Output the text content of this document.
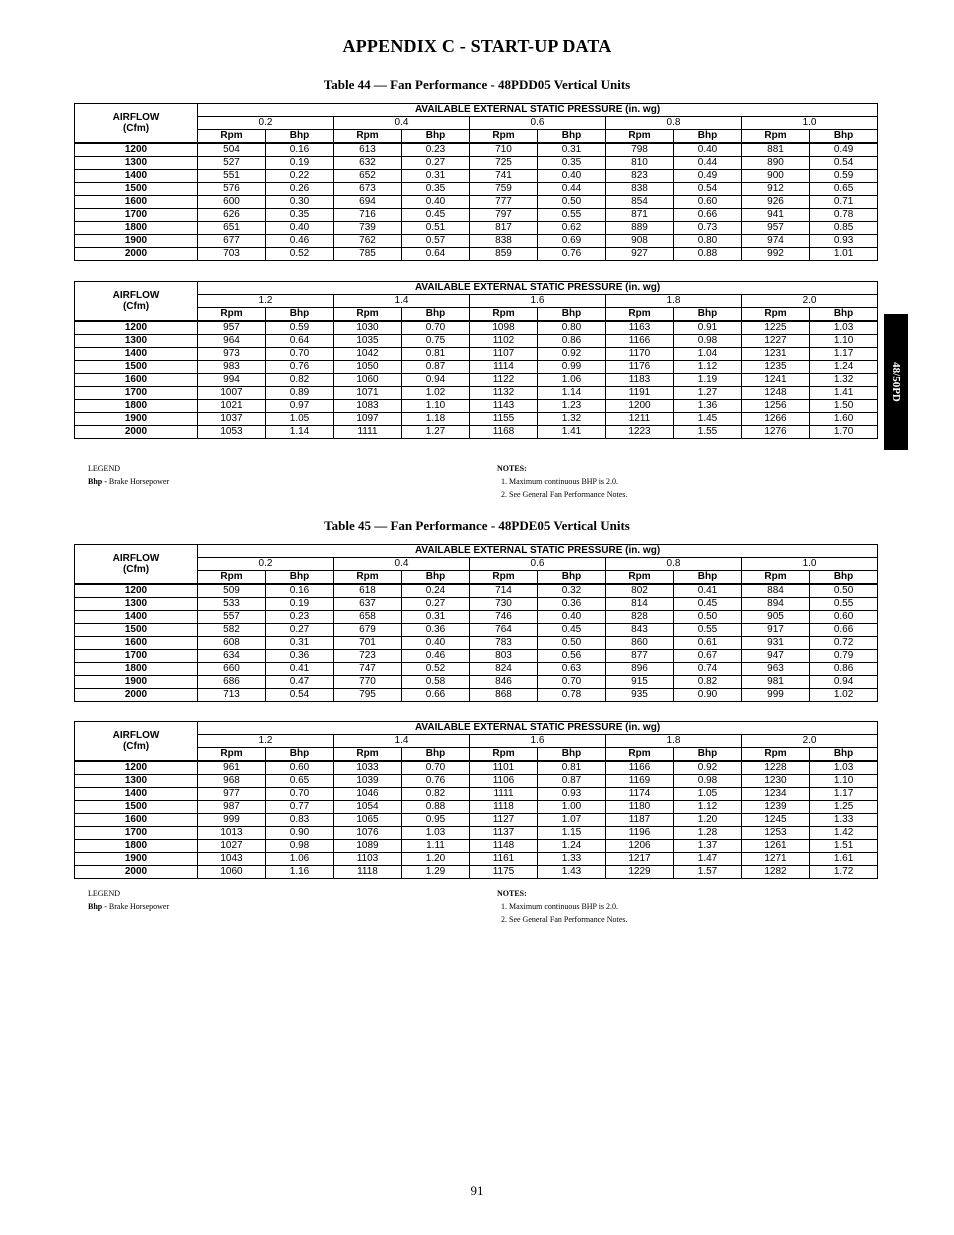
APPENDIX C - START-UP DATA
48/50PD
Table 44 — Fan Performance - 48PDD05 Vertical Units
AIRFLOW
(Cfm)	AVAILABLE EXTERNAL STATIC PRESSURE (in. wg)									
	0.2		0.4		0.6		0.8		1.0	
	Rpm	Bhp	Rpm	Bhp	Rpm	Bhp	Rpm	Bhp	Rpm	Bhp
1200	504	0.16	613	0.23	710	0.31	798	0.40	881	0.49
1300	527	0.19	632	0.27	725	0.35	810	0.44	890	0.54
1400	551	0.22	652	0.31	741	0.40	823	0.49	900	0.59
1500	576	0.26	673	0.35	759	0.44	838	0.54	912	0.65
1600	600	0.30	694	0.40	777	0.50	854	0.60	926	0.71
1700	626	0.35	716	0.45	797	0.55	871	0.66	941	0.78
1800	651	0.40	739	0.51	817	0.62	889	0.73	957	0.85
1900	677	0.46	762	0.57	838	0.69	908	0.80	974	0.93
2000	703	0.52	785	0.64	859	0.76	927	0.88	992	1.01
AIRFLOW
(Cfm)	AVAILABLE EXTERNAL STATIC PRESSURE (in. wg)									
	1.2		1.4		1.6		1.8		2.0	
	Rpm	Bhp	Rpm	Bhp	Rpm	Bhp	Rpm	Bhp	Rpm	Bhp
1200	957	0.59	1030	0.70	1098	0.80	1163	0.91	1225	1.03
1300	964	0.64	1035	0.75	1102	0.86	1166	0.98	1227	1.10
1400	973	0.70	1042	0.81	1107	0.92	1170	1.04	1231	1.17
1500	983	0.76	1050	0.87	1114	0.99	1176	1.12	1235	1.24
1600	994	0.82	1060	0.94	1122	1.06	1183	1.19	1241	1.32
1700	1007	0.89	1071	1.02	1132	1.14	1191	1.27	1248	1.41
1800	1021	0.97	1083	1.10	1143	1.23	1200	1.36	1256	1.50
1900	1037	1.05	1097	1.18	1155	1.32	1211	1.45	1266	1.60
2000	1053	1.14	1111	1.27	1168	1.41	1223	1.55	1276	1.70
LEGEND
Bhp - Brake Horsepower
NOTES:
1. Maximum continuous BHP is 2.0.
2. See General Fan Performance Notes.
Table 45 — Fan Performance - 48PDE05 Vertical Units
AIRFLOW
(Cfm)	AVAILABLE EXTERNAL STATIC PRESSURE (in. wg)									
	0.2		0.4		0.6		0.8		1.0	
	Rpm	Bhp	Rpm	Bhp	Rpm	Bhp	Rpm	Bhp	Rpm	Bhp
1200	509	0.16	618	0.24	714	0.32	802	0.41	884	0.50
1300	533	0.19	637	0.27	730	0.36	814	0.45	894	0.55
1400	557	0.23	658	0.31	746	0.40	828	0.50	905	0.60
1500	582	0.27	679	0.36	764	0.45	843	0.55	917	0.66
1600	608	0.31	701	0.40	783	0.50	860	0.61	931	0.72
1700	634	0.36	723	0.46	803	0.56	877	0.67	947	0.79
1800	660	0.41	747	0.52	824	0.63	896	0.74	963	0.86
1900	686	0.47	770	0.58	846	0.70	915	0.82	981	0.94
2000	713	0.54	795	0.66	868	0.78	935	0.90	999	1.02
AIRFLOW
(Cfm)	AVAILABLE EXTERNAL STATIC PRESSURE (in. wg)									
	1.2		1.4		1.6		1.8		2.0	
	Rpm	Bhp	Rpm	Bhp	Rpm	Bhp	Rpm	Bhp	Rpm	Bhp
1200	961	0.60	1033	0.70	1101	0.81	1166	0.92	1228	1.03
1300	968	0.65	1039	0.76	1106	0.87	1169	0.98	1230	1.10
1400	977	0.70	1046	0.82	1111	0.93	1174	1.05	1234	1.17
1500	987	0.77	1054	0.88	1118	1.00	1180	1.12	1239	1.25
1600	999	0.83	1065	0.95	1127	1.07	1187	1.20	1245	1.33
1700	1013	0.90	1076	1.03	1137	1.15	1196	1.28	1253	1.42
1800	1027	0.98	1089	1.11	1148	1.24	1206	1.37	1261	1.51
1900	1043	1.06	1103	1.20	1161	1.33	1217	1.47	1271	1.61
2000	1060	1.16	1118	1.29	1175	1.43	1229	1.57	1282	1.72
LEGEND
Bhp - Brake Horsepower
NOTES:
1. Maximum continuous BHP is 2.0.
2. See General Fan Performance Notes.
91
